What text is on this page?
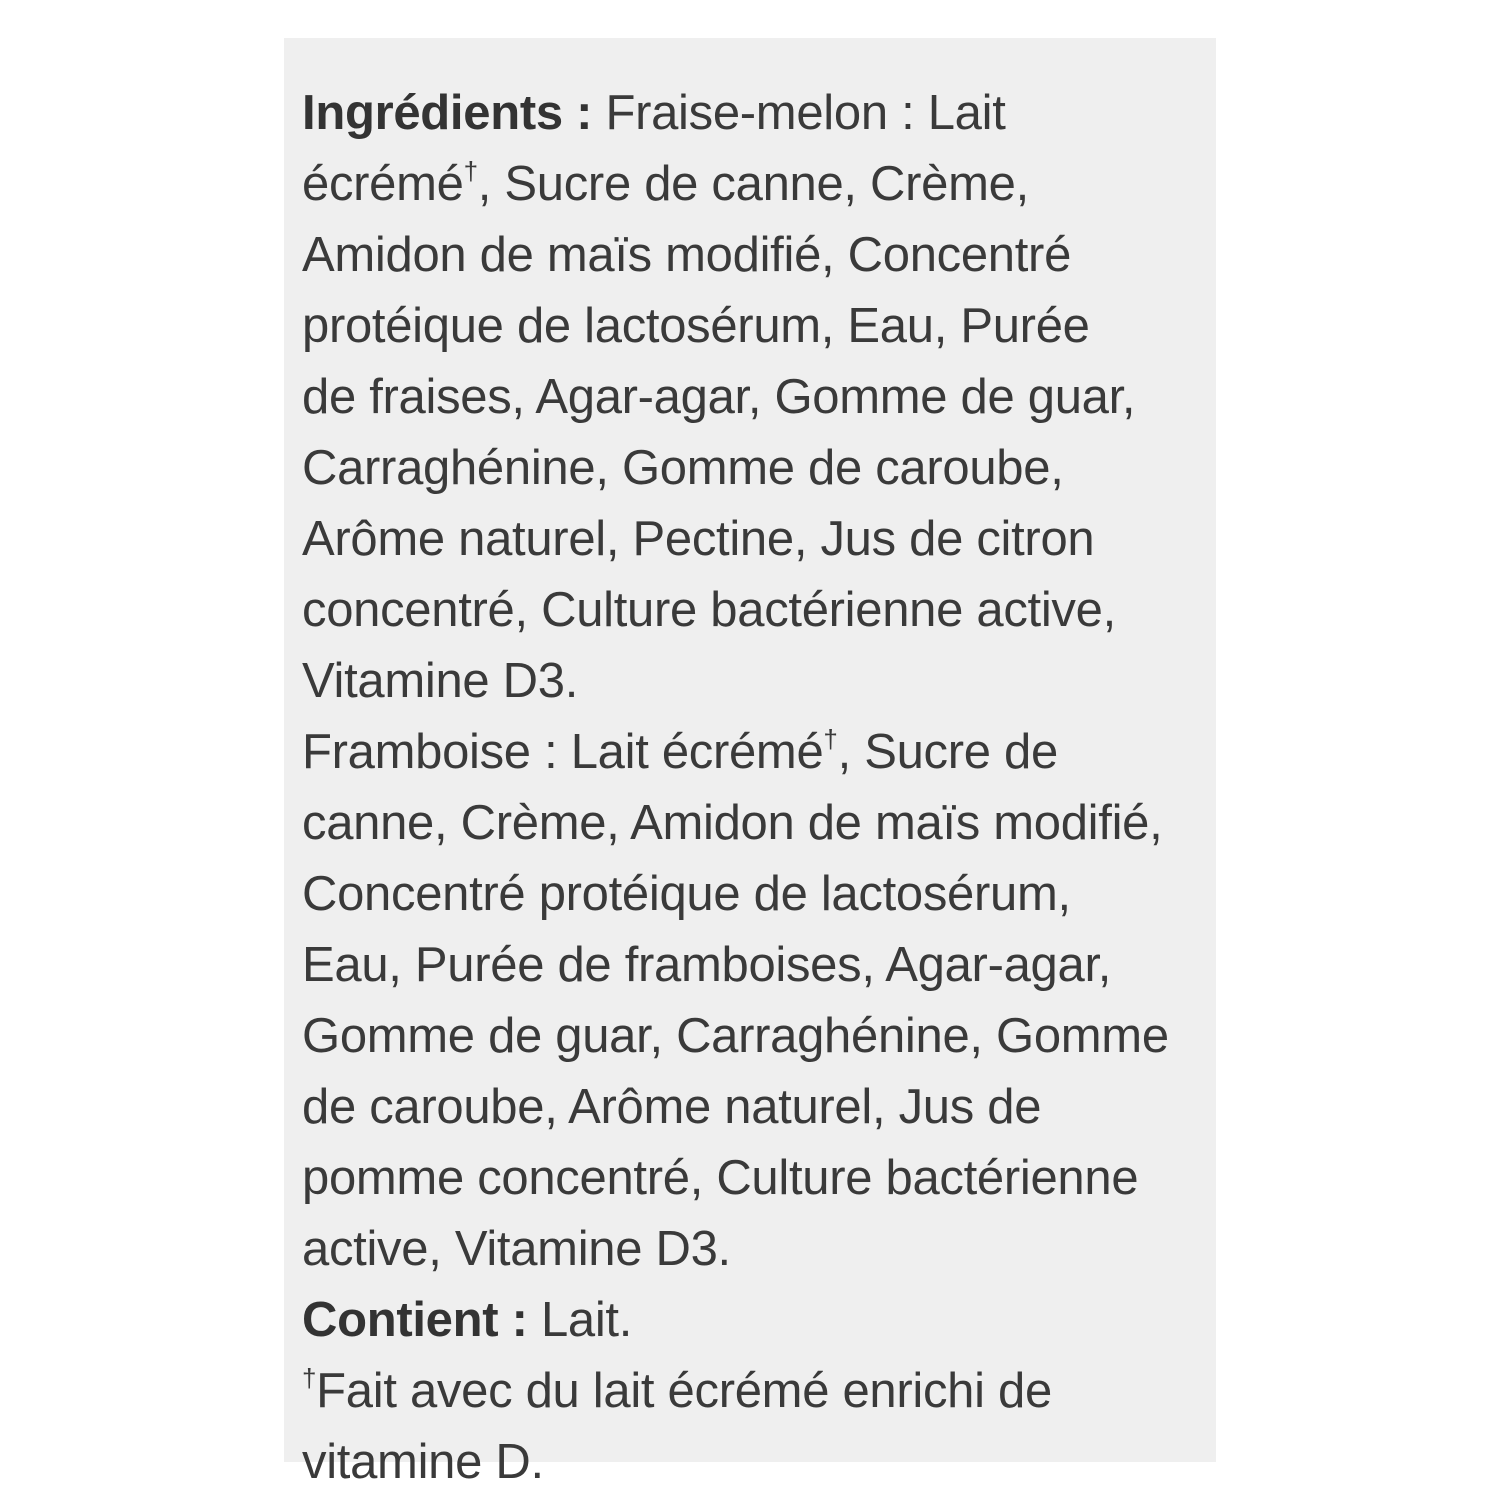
Ingrédients : Fraise-melon : Lait
écrémé†, Sucre de canne, Crème,
Amidon de maïs modifié, Concentré
protéique de lactosérum, Eau, Purée
de fraises, Agar-agar, Gomme de guar,
Carraghénine, Gomme de caroube,
Arôme naturel, Pectine, Jus de citron
concentré, Culture bactérienne active,
Vitamine D3.
Framboise : Lait écrémé†, Sucre de
canne, Crème, Amidon de maïs modifié,
Concentré protéique de lactosérum,
Eau, Purée de framboises, Agar-agar,
Gomme de guar, Carraghénine, Gomme
de caroube, Arôme naturel, Jus de
pomme concentré, Culture bactérienne
active, Vitamine D3.
Contient : Lait.
†Fait avec du lait écrémé enrichi de
vitamine D.
